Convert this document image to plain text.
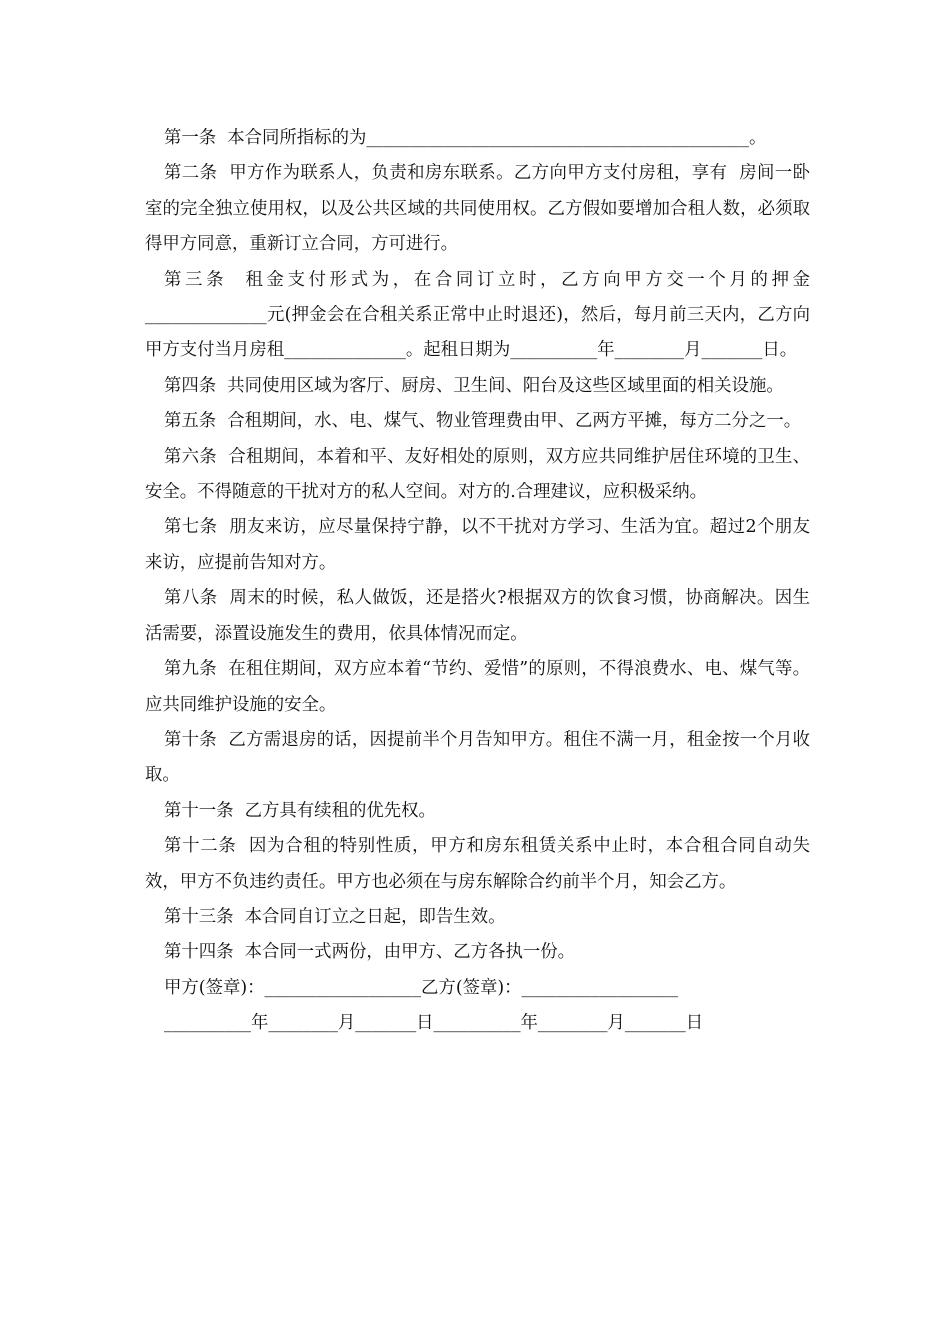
第一条  本合同所指标的为____________________________________________。

第二条  甲方作为联系人，负责和房东联系。乙方向甲方支付房租，享有  房间一卧室的完全独立使用权，以及公共区域的共同使用权。乙方假如要增加合租人数，必须取得甲方同意，重新订立合同，方可进行。

第三条  租金支付形式为，在合同订立时，乙方向甲方交一个月的押金______________元(押金会在合租关系正常中止时退还)，然后，每月前三天内，乙方向甲方支付当月房租______________。起租日期为__________年________月_______日。

第四条  共同使用区域为客厅、厨房、卫生间、阳台及这些区域里面的相关设施。

第五条  合租期间，水、电、煤气、物业管理费由甲、乙两方平摊，每方二分之一。

第六条  合租期间，本着和平、友好相处的原则，双方应共同维护居住环境的卫生、安全。不得随意的干扰对方的私人空间。对方的.合理建议，应积极采纳。

第七条  朋友来访，应尽量保持宁静，以不干扰对方学习、生活为宜。超过2个朋友来访，应提前告知对方。

第八条  周末的时候，私人做饭，还是搭火?根据双方的饮食习惯，协商解决。因生活需要，添置设施发生的费用，依具体情况而定。

第九条  在租住期间，双方应本着“节约、爱惜”的原则，不得浪费水、电、煤气等。应共同维护设施的安全。

第十条  乙方需退房的话，因提前半个月告知甲方。租住不满一月，租金按一个月收取。

第十一条  乙方具有续租的优先权。

第十二条  因为合租的特别性质，甲方和房东租赁关系中止时，本合租合同自动失效，甲方不负违约责任。甲方也必须在与房东解除合约前半个月，知会乙方。

第十三条  本合同自订立之日起，即告生效。

第十四条  本合同一式两份，由甲方、乙方各执一份。

甲方(签章)：__________________乙方(签章)：__________________
__________年________月_______日__________年________月_______日
